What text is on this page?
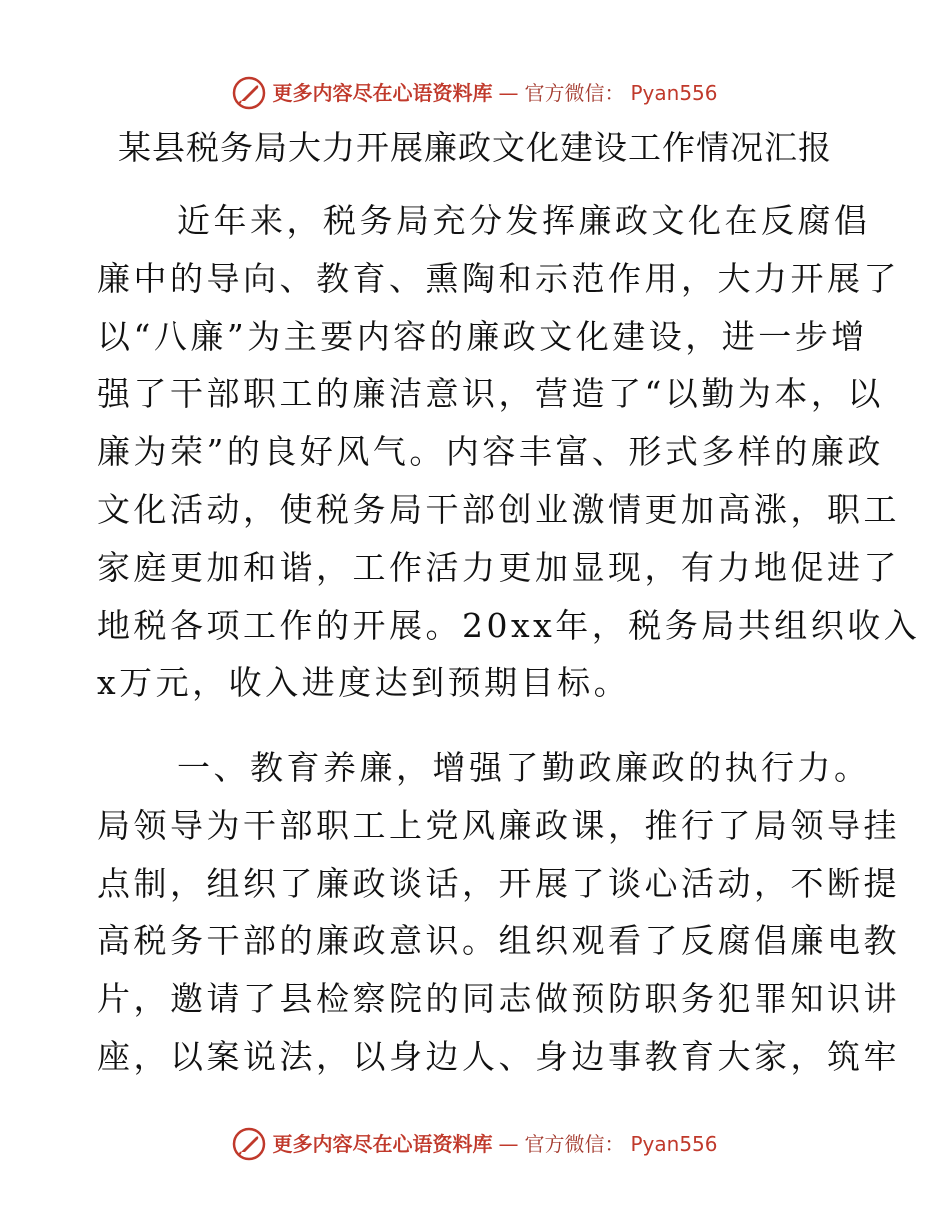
更多内容尽在心语资料库 — 官方微信： Pyan556
某县税务局大力开展廉政文化建设工作情况汇报
近年来，税务局充分发挥廉政文化在反腐倡
廉中的导向、教育、熏陶和示范作用，大力开展了
以“八廉”为主要内容的廉政文化建设，进一步增
强了干部职工的廉洁意识，营造了“以勤为本，以
廉为荣”的良好风气。内容丰富、形式多样的廉政
文化活动，使税务局干部创业激情更加高涨，职工
家庭更加和谐，工作活力更加显现，有力地促进了
地税各项工作的开展。20xx年，税务局共组织收入
x万元，收入进度达到预期目标。
一、教育养廉，增强了勤政廉政的执行力。
局领导为干部职工上党风廉政课，推行了局领导挂
点制，组织了廉政谈话，开展了谈心活动，不断提
高税务干部的廉政意识。组织观看了反腐倡廉电教
片，邀请了县检察院的同志做预防职务犯罪知识讲
座，以案说法，以身边人、身边事教育大家，筑牢
更多内容尽在心语资料库 — 官方微信： Pyan556
